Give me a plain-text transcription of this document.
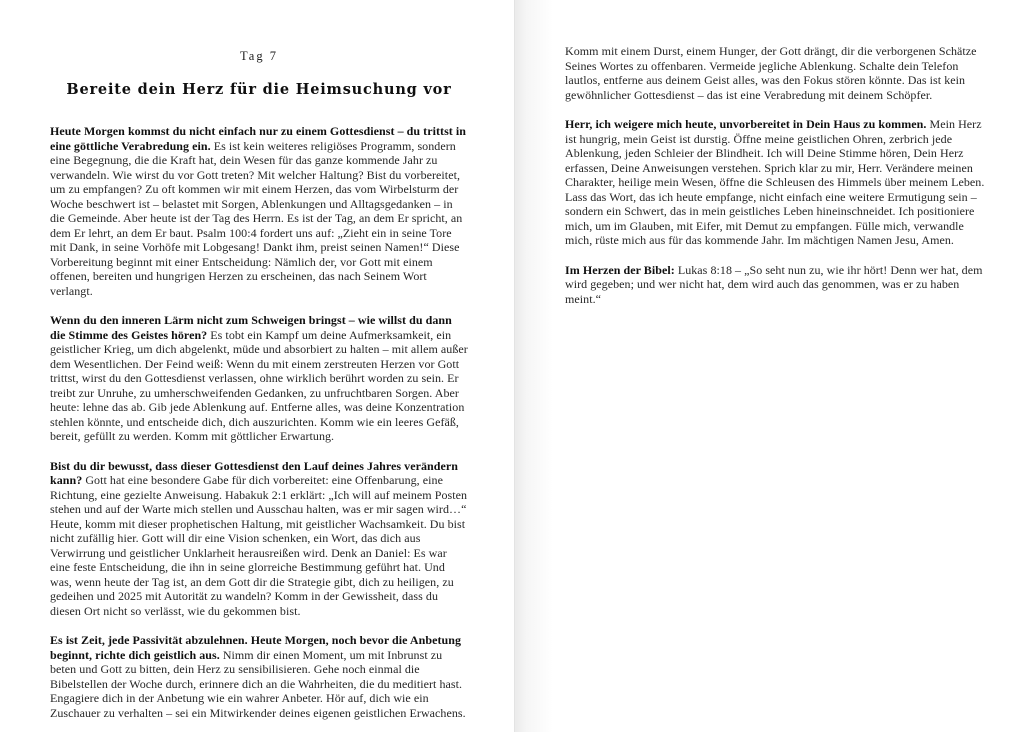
Tag 7

Bereite dein Herz für die Heimsuchung vor

Heute Morgen kommst du nicht einfach nur zu einem Gottesdienst – du trittst in eine göttliche Verabredung ein. Es ist kein weiteres religiöses Programm, sondern eine Begegnung, die die Kraft hat, dein Wesen für das ganze kommende Jahr zu verwandeln. Wie wirst du vor Gott treten? Mit welcher Haltung? Bist du vorbereitet, um zu empfangen? Zu oft kommen wir mit einem Herzen, das vom Wirbelsturm der Woche beschwert ist – belastet mit Sorgen, Ablenkungen und Alltagsgedanken – in die Gemeinde. Aber heute ist der Tag des Herrn. Es ist der Tag, an dem Er spricht, an dem Er lehrt, an dem Er baut. Psalm 100:4 fordert uns auf: „Zieht ein in seine Tore mit Dank, in seine Vorhöfe mit Lobgesang! Dankt ihm, preist seinen Namen!“ Diese Vorbereitung beginnt mit einer Entscheidung: Nämlich der, vor Gott mit einem offenen, bereiten und hungrigen Herzen zu erscheinen, das nach Seinem Wort verlangt.

Wenn du den inneren Lärm nicht zum Schweigen bringst – wie willst du dann die Stimme des Geistes hören? Es tobt ein Kampf um deine Aufmerksamkeit, ein geistlicher Krieg, um dich abgelenkt, müde und absorbiert zu halten – mit allem außer dem Wesentlichen. Der Feind weiß: Wenn du mit einem zerstreuten Herzen vor Gott trittst, wirst du den Gottesdienst verlassen, ohne wirklich berührt worden zu sein. Er treibt zur Unruhe, zu umherschweifenden Gedanken, zu unfruchtbaren Sorgen. Aber heute: lehne das ab. Gib jede Ablenkung auf. Entferne alles, was deine Konzentration stehlen könnte, und entscheide dich, dich auszurichten. Komm wie ein leeres Gefäß, bereit, gefüllt zu werden. Komm mit göttlicher Erwartung.

Bist du dir bewusst, dass dieser Gottesdienst den Lauf deines Jahres verändern kann? Gott hat eine besondere Gabe für dich vorbereitet: eine Offenbarung, eine Richtung, eine gezielte Anweisung. Habakuk 2:1 erklärt: „Ich will auf meinem Posten stehen und auf der Warte mich stellen und Ausschau halten, was er mir sagen wird…“ Heute, komm mit dieser prophetischen Haltung, mit geistlicher Wachsamkeit. Du bist nicht zufällig hier. Gott will dir eine Vision schenken, ein Wort, das dich aus Verwirrung und geistlicher Unklarheit herausreißen wird. Denk an Daniel: Es war eine feste Entscheidung, die ihn in seine glorreiche Bestimmung geführt hat. Und was, wenn heute der Tag ist, an dem Gott dir die Strategie gibt, dich zu heiligen, zu gedeihen und 2025 mit Autorität zu wandeln? Komm in der Gewissheit, dass du diesen Ort nicht so verlässt, wie du gekommen bist.

Es ist Zeit, jede Passivität abzulehnen. Heute Morgen, noch bevor die Anbetung beginnt, richte dich geistlich aus. Nimm dir einen Moment, um mit Inbrunst zu beten und Gott zu bitten, dein Herz zu sensibilisieren. Gehe noch einmal die Bibelstellen der Woche durch, erinnere dich an die Wahrheiten, die du meditiert hast. Engagiere dich in der Anbetung wie ein wahrer Anbeter. Hör auf, dich wie ein Zuschauer zu verhalten – sei ein Mitwirkender deines eigenen geistlichen Erwachens.

Komm mit einem Durst, einem Hunger, der Gott drängt, dir die verborgenen Schätze Seines Wortes zu offenbaren. Vermeide jegliche Ablenkung. Schalte dein Telefon lautlos, entferne aus deinem Geist alles, was den Fokus stören könnte. Das ist kein gewöhnlicher Gottesdienst – das ist eine Verabredung mit deinem Schöpfer.

Herr, ich weigere mich heute, unvorbereitet in Dein Haus zu kommen. Mein Herz ist hungrig, mein Geist ist durstig. Öffne meine geistlichen Ohren, zerbrich jede Ablenkung, jeden Schleier der Blindheit. Ich will Deine Stimme hören, Dein Herz erfassen, Deine Anweisungen verstehen. Sprich klar zu mir, Herr. Verändere meinen Charakter, heilige mein Wesen, öffne die Schleusen des Himmels über meinem Leben. Lass das Wort, das ich heute empfange, nicht einfach eine weitere Ermutigung sein – sondern ein Schwert, das in mein geistliches Leben hineinschneidet. Ich positioniere mich, um im Glauben, mit Eifer, mit Demut zu empfangen. Fülle mich, verwandle mich, rüste mich aus für das kommende Jahr. Im mächtigen Namen Jesu, Amen.

Im Herzen der Bibel: Lukas 8:18 – „So seht nun zu, wie ihr hört! Denn wer hat, dem wird gegeben; und wer nicht hat, dem wird auch das genommen, was er zu haben meint.“
